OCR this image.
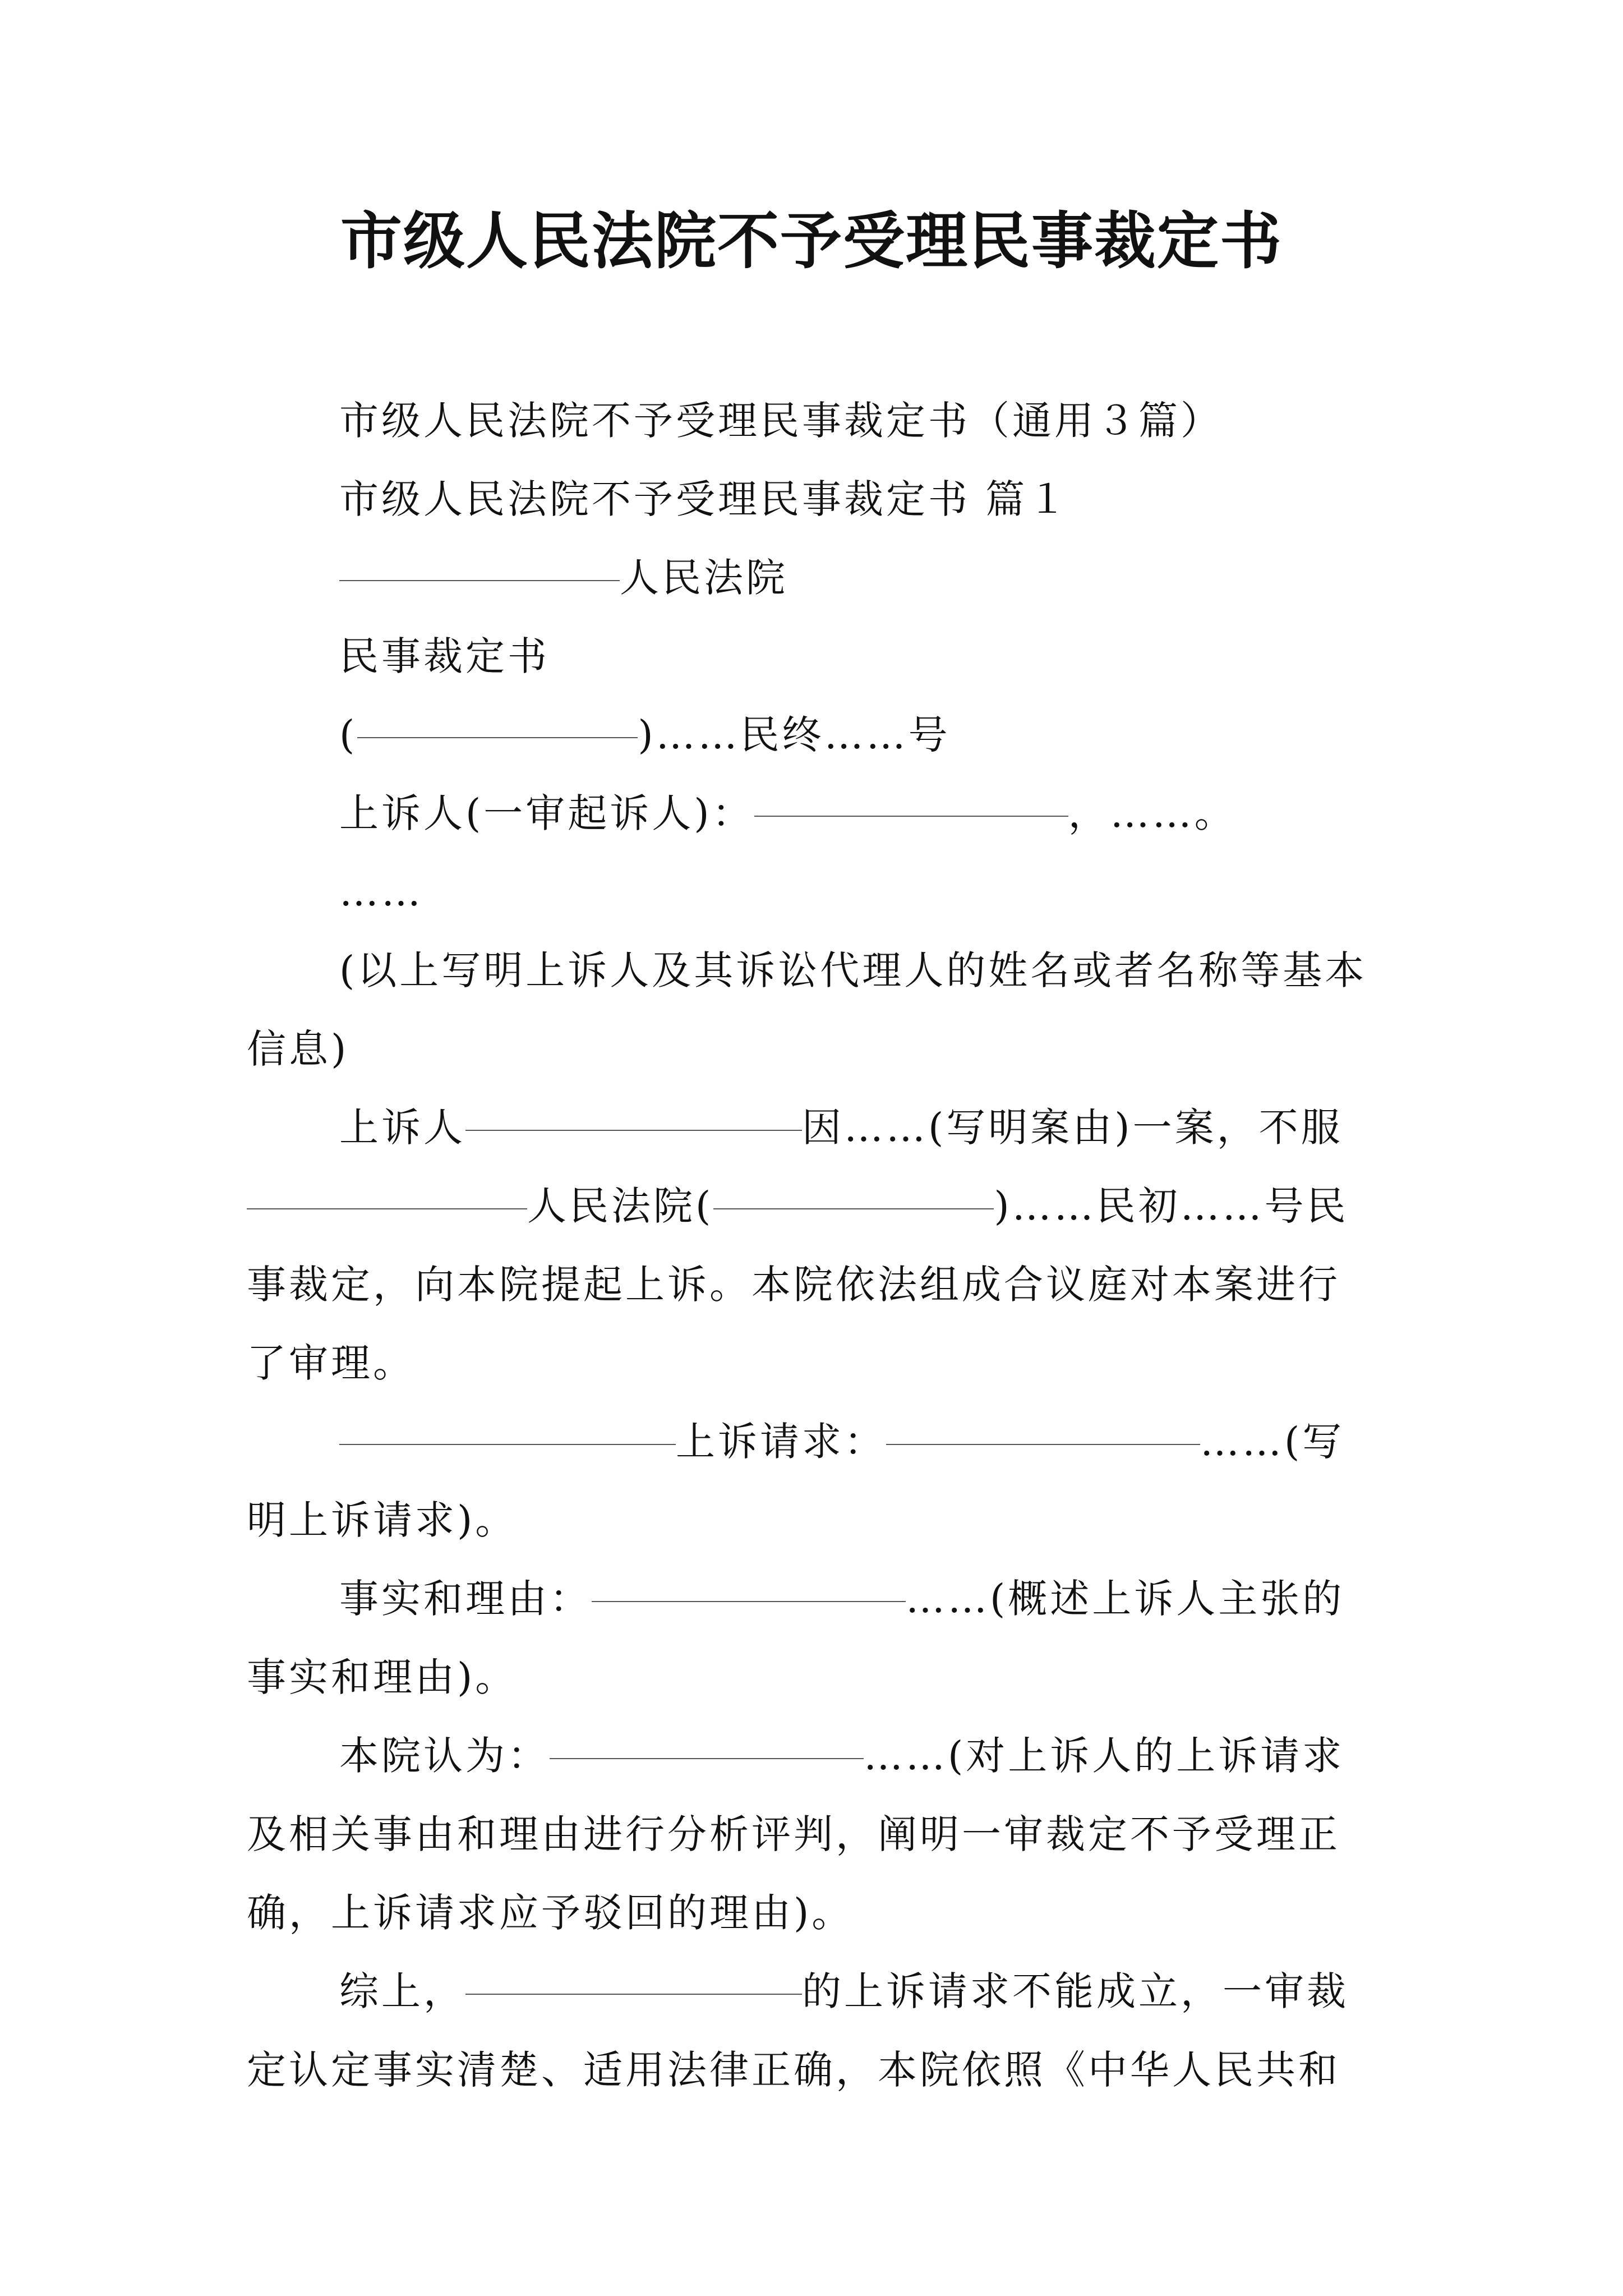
市级人民法院不予受理民事裁定书

市级人民法院不予受理民事裁定书（通用３篇）

市级人民法院不予受理民事裁定书 篇１

人民法院

民事裁定书

(	)……民终……号

上诉人(一审起诉人)：	，……。

……

(以上写明上诉人及其诉讼代理人的姓名或者名称等基本信息)

上诉人	因……(写明案由)一案，不服人民法院(	)……民初……号民事裁定，向本院提起上诉。本院依法组成合议庭对本案进行了审理。

上诉请求：	……(写明上诉请求)。

事实和理由：	……(概述上诉人主张的事实和理由)。

本院认为：	……(对上诉人的上诉请求及相关事由和理由进行分析评判，阐明一审裁定不予受理正确，上诉请求应予驳回的理由)。

综上，	的上诉请求不能成立，一审裁定认定事实清楚、适用法律正确，本院依照《中华人民共和
